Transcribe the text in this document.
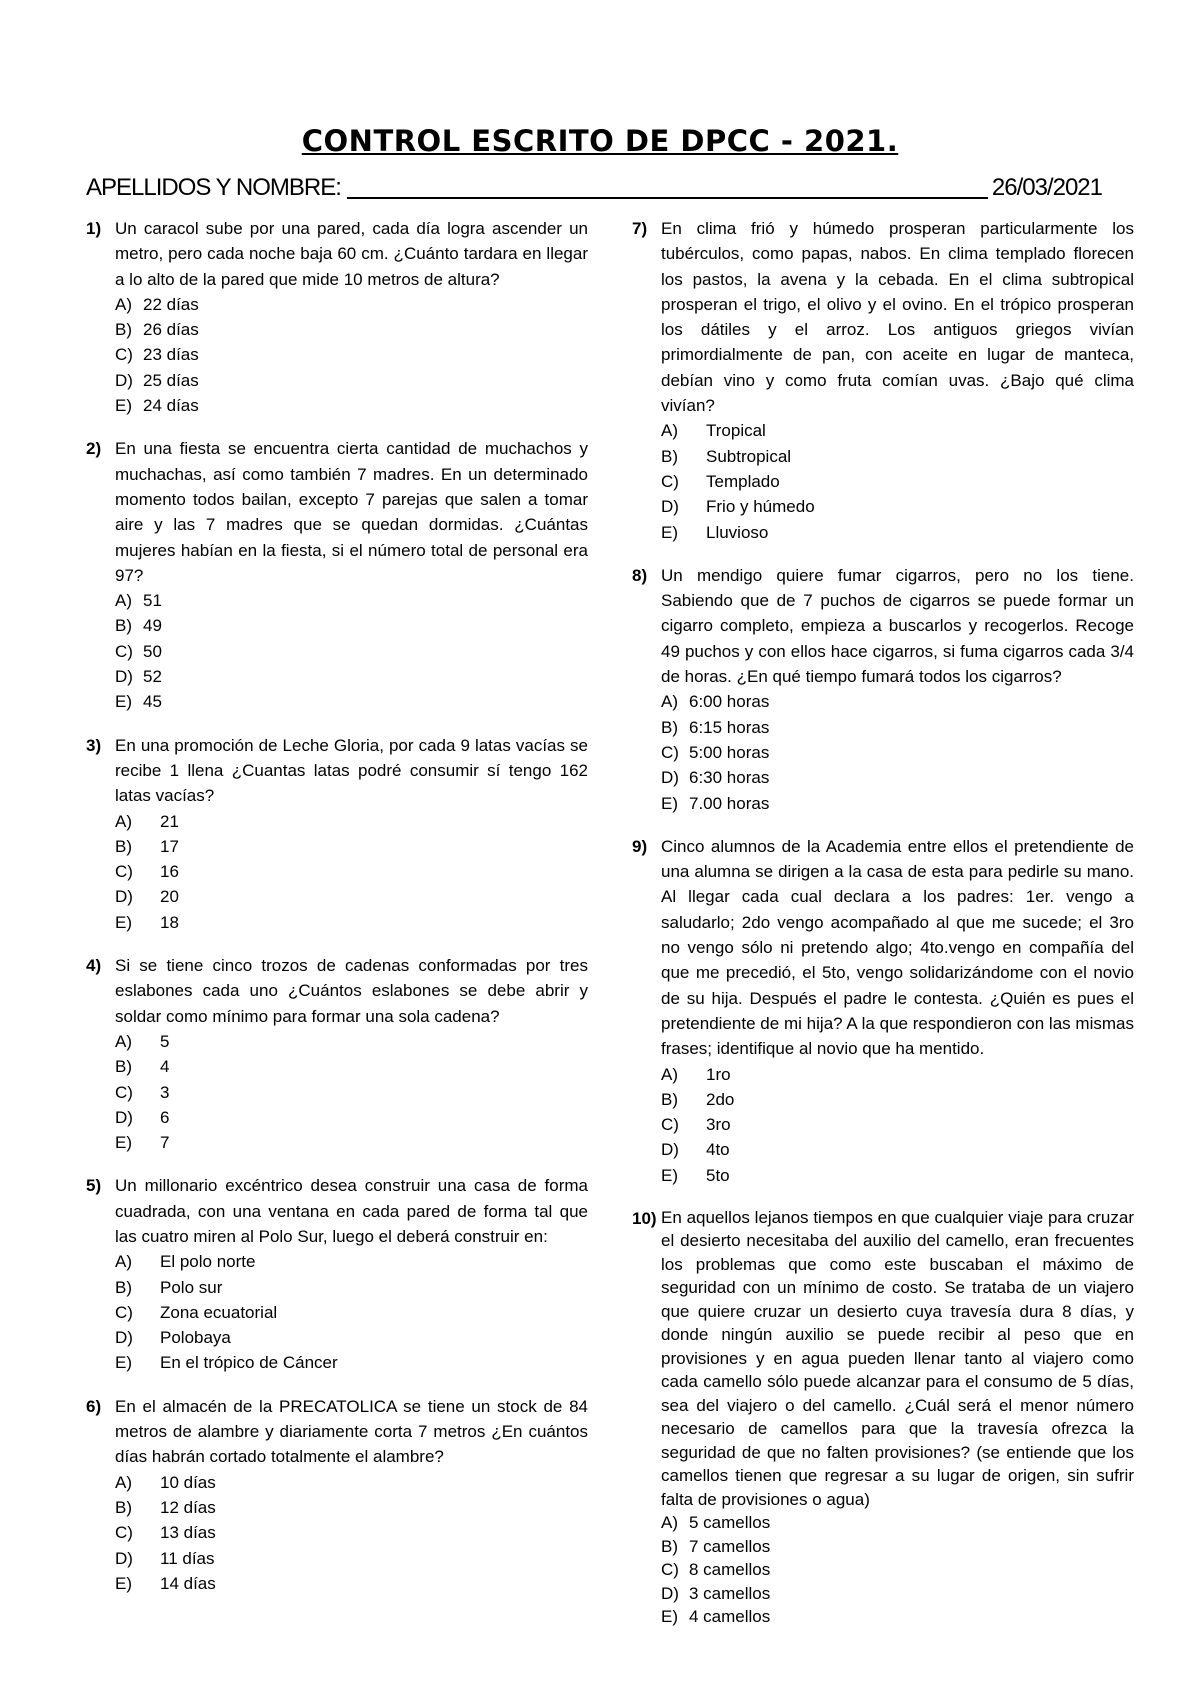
CONTROL ESCRITO DE DPCC - 2021.
APELLIDOS Y NOMBRE:	26/03/2021
1) Un caracol sube por una pared, cada día logra ascender un metro, pero cada noche baja 60 cm. ¿Cuánto tardara en llegar a lo alto de la pared que mide 10 metros de altura?
A) 22 días
B) 26 días
C) 23 días
D) 25 días
E) 24 días
2) En una fiesta se encuentra cierta cantidad de muchachos y muchachas, así como también 7 madres. En un determinado momento todos bailan, excepto 7 parejas que salen a tomar aire y las 7 madres que se quedan dormidas. ¿Cuántas mujeres habían en la fiesta, si el número total de personal era 97?
A) 51
B) 49
C) 50
D) 52
E) 45
3) En una promoción de Leche Gloria, por cada 9 latas vacías se recibe 1 llena ¿Cuantas latas podré consumir sí tengo 162 latas vacías?
A)	21
B)	17
C)	16
D)	20
E)	18
4) Si se tiene cinco trozos de cadenas conformadas por tres eslabones cada uno ¿Cuántos eslabones se debe abrir y soldar como mínimo para formar una sola cadena?
A)	5
B)	4
C)	3
D)	6
E)	7
5) Un millonario excéntrico desea construir una casa de forma cuadrada, con una ventana en cada pared de forma tal que las cuatro miren al Polo Sur, luego el deberá construir en:
A)	El polo norte
B)	Polo sur
C)	Zona ecuatorial
D)	Polobaya
E)	En el trópico de Cáncer
6) En el almacén de la PRECATOLICA se tiene un stock de 84 metros de alambre y diariamente corta 7 metros ¿En cuántos días habrán cortado totalmente el alambre?
A)	10 días
B)	12 días
C)	13 días
D)	11 días
E)	14 días
7) En clima frió y húmedo prosperan particularmente los tubérculos, como papas, nabos. En clima templado florecen los pastos, la avena y la cebada. En el clima subtropical prosperan el trigo, el olivo y el ovino. En el trópico prosperan los dátiles y el arroz. Los antiguos griegos vivían primordialmente de pan, con aceite en lugar de manteca, debían vino y como fruta comían uvas. ¿Bajo qué clima vivían?
A)	Tropical
B)	Subtropical
C)	Templado
D)	Frio y húmedo
E)	Lluvioso
8) Un mendigo quiere fumar cigarros, pero no los tiene. Sabiendo que de 7 puchos de cigarros se puede formar un cigarro completo, empieza a buscarlos y recogerlos. Recoge 49 puchos y con ellos hace cigarros, si fuma cigarros cada 3/4 de horas. ¿En qué tiempo fumará todos los cigarros?
A) 6:00 horas
B) 6:15 horas
C) 5:00 horas
D) 6:30 horas
E) 7.00 horas
9) Cinco alumnos de la Academia entre ellos el pretendiente de una alumna se dirigen a la casa de esta para pedirle su mano. Al llegar cada cual declara a los padres: 1er. vengo a saludarlo; 2do vengo acompañado al que me sucede; el 3ro no vengo sólo ni pretendo algo; 4to.vengo en compañía del que me precedió, el 5to, vengo solidarizándome con el novio de su hija. Después el padre le contesta. ¿Quién es pues el pretendiente de mi hija? A la que respondieron con las mismas frases; identifique al novio que ha mentido.
A)	1ro
B)	2do
C)	3ro
D)	4to
E)	5to
10) En aquellos lejanos tiempos en que cualquier viaje para cruzar el desierto necesitaba del auxilio del camello, eran frecuentes los problemas que como este buscaban el máximo de seguridad con un mínimo de costo. Se trataba de un viajero que quiere cruzar un desierto cuya travesía dura 8 días, y donde ningún auxilio se puede recibir al peso que en provisiones y en agua pueden llenar tanto al viajero como cada camello sólo puede alcanzar para el consumo de 5 días, sea del viajero o del camello. ¿Cuál será el menor número necesario de camellos para que la travesía ofrezca la seguridad de que no falten provisiones? (se entiende que los camellos tienen que regresar a su lugar de origen, sin sufrir falta de provisiones o agua)
A) 5 camellos
B) 7 camellos
C) 8 camellos
D) 3 camellos
E) 4 camellos
